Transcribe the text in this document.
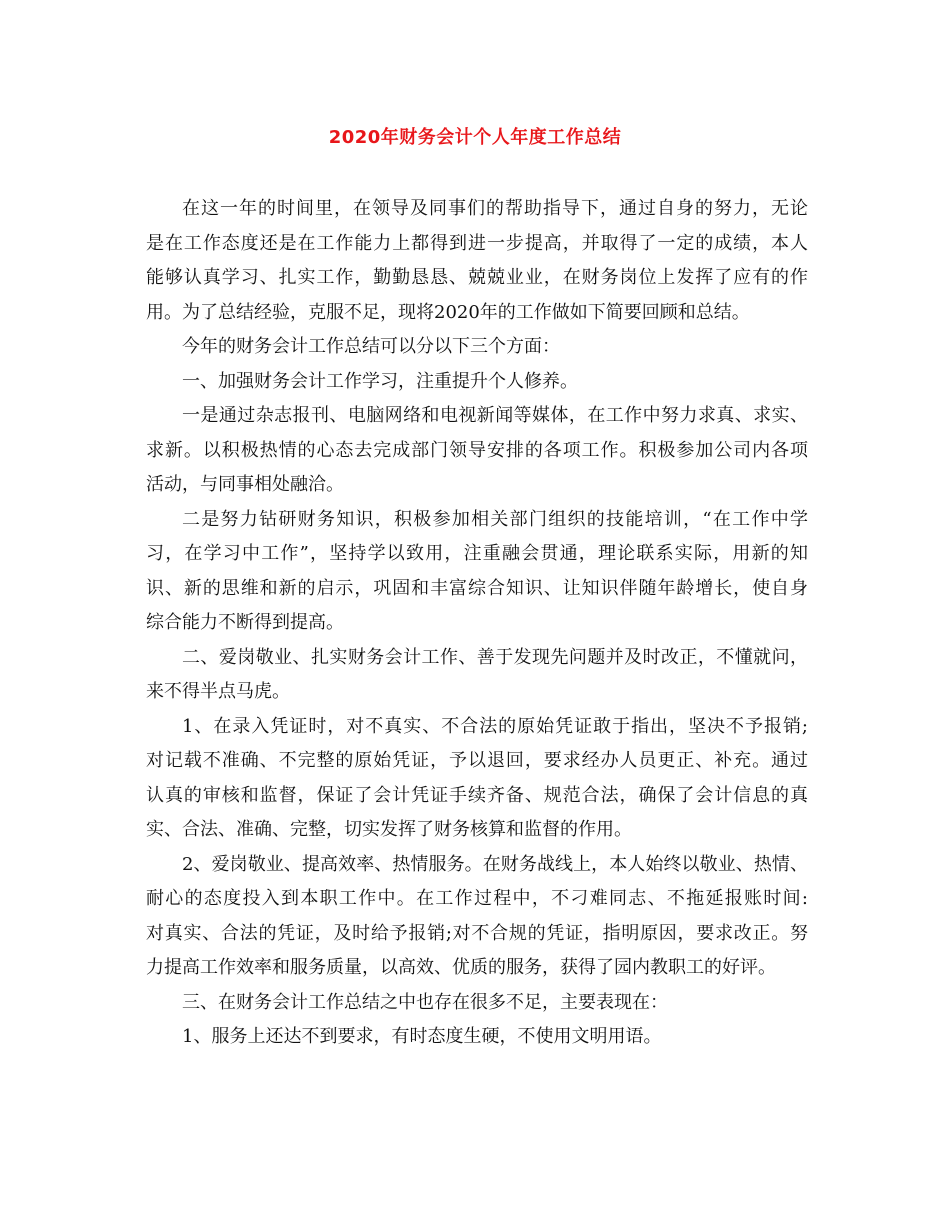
2020年财务会计个人年度工作总结
在这一年的时间里，在领导及同事们的帮助指导下，通过自身的努力，无论
是在工作态度还是在工作能力上都得到进一步提高，并取得了一定的成绩，本人
能够认真学习、扎实工作，勤勤恳恳、兢兢业业，在财务岗位上发挥了应有的作
用。为了总结经验，克服不足，现将2020年的工作做如下简要回顾和总结。
今年的财务会计工作总结可以分以下三个方面：
一、加强财务会计工作学习，注重提升个人修养。
一是通过杂志报刊、电脑网络和电视新闻等媒体，在工作中努力求真、求实、
求新。以积极热情的心态去完成部门领导安排的各项工作。积极参加公司内各项
活动，与同事相处融洽。
二是努力钻研财务知识，积极参加相关部门组织的技能培训，“在工作中学
习，在学习中工作”，坚持学以致用，注重融会贯通，理论联系实际，用新的知
识、新的思维和新的启示，巩固和丰富综合知识、让知识伴随年龄增长，使自身
综合能力不断得到提高。
二、爱岗敬业、扎实财务会计工作、善于发现先问题并及时改正，不懂就问，
来不得半点马虎。
1、在录入凭证时，对不真实、不合法的原始凭证敢于指出，坚决不予报销;
对记载不准确、不完整的原始凭证，予以退回，要求经办人员更正、补充。通过
认真的审核和监督，保证了会计凭证手续齐备、规范合法，确保了会计信息的真
实、合法、准确、完整，切实发挥了财务核算和监督的作用。
2、爱岗敬业、提高效率、热情服务。在财务战线上，本人始终以敬业、热情、
耐心的态度投入到本职工作中。在工作过程中，不刁难同志、不拖延报账时间:
对真实、合法的凭证，及时给予报销;对不合规的凭证，指明原因，要求改正。努
力提高工作效率和服务质量，以高效、优质的服务，获得了园内教职工的好评。
三、在财务会计工作总结之中也存在很多不足，主要表现在：
1、服务上还达不到要求，有时态度生硬，不使用文明用语。
